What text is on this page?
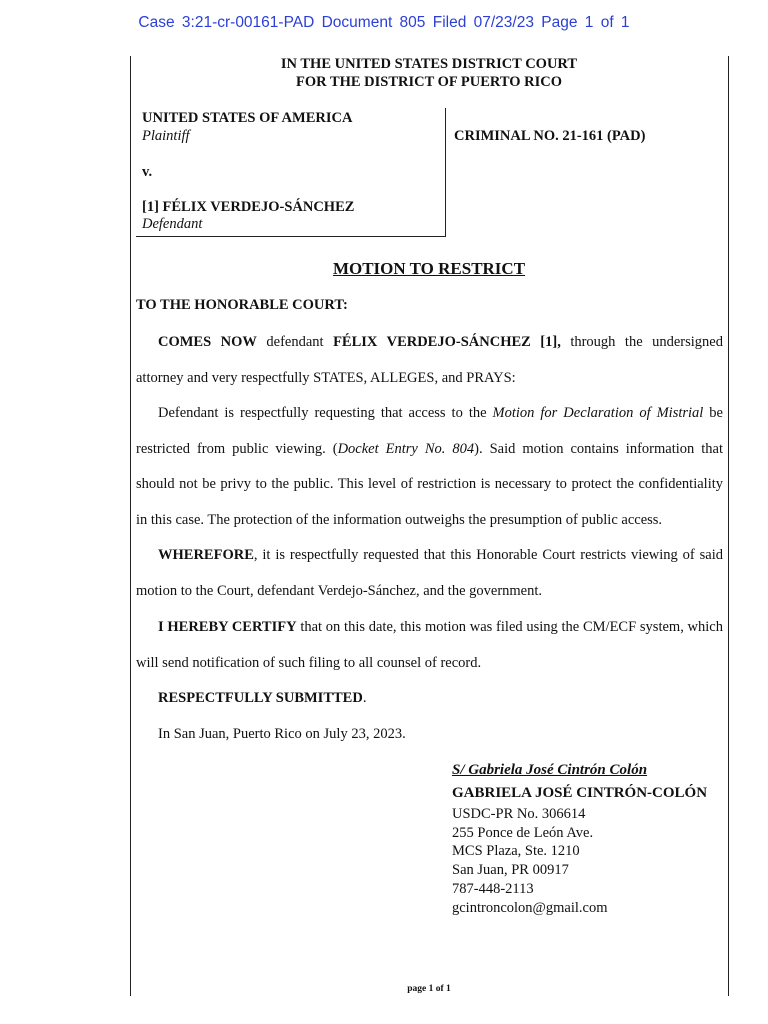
Case 3:21-cr-00161-PAD Document 805 Filed 07/23/23 Page 1 of 1
IN THE UNITED STATES DISTRICT COURT
FOR THE DISTRICT OF PUERTO RICO
UNITED STATES OF AMERICA
Plaintiff
v.
[1] FÉLIX VERDEJO-SÁNCHEZ
Defendant
CRIMINAL NO. 21-161 (PAD)
MOTION TO RESTRICT
TO THE HONORABLE COURT:

COMES NOW defendant FÉLIX VERDEJO-SÁNCHEZ [1], through the undersigned attorney and very respectfully STATES, ALLEGES, and PRAYS:

Defendant is respectfully requesting that access to the Motion for Declaration of Mistrial be restricted from public viewing. (Docket Entry No. 804). Said motion contains information that should not be privy to the public. This level of restriction is necessary to protect the confidentiality in this case. The protection of the information outweighs the presumption of public access.

WHEREFORE, it is respectfully requested that this Honorable Court restricts viewing of said motion to the Court, defendant Verdejo-Sánchez, and the government.

I HEREBY CERTIFY that on this date, this motion was filed using the CM/ECF system, which will send notification of such filing to all counsel of record.

RESPECTFULLY SUBMITTED.

In San Juan, Puerto Rico on July 23, 2023.

S/ Gabriela José Cintrón Colón
GABRIELA JOSÉ CINTRÓN-COLÓN
USDC-PR No. 306614
255 Ponce de León Ave.
MCS Plaza, Ste. 1210
San Juan, PR 00917
787-448-2113
gcintroncolon@gmail.com
page 1 of 1
